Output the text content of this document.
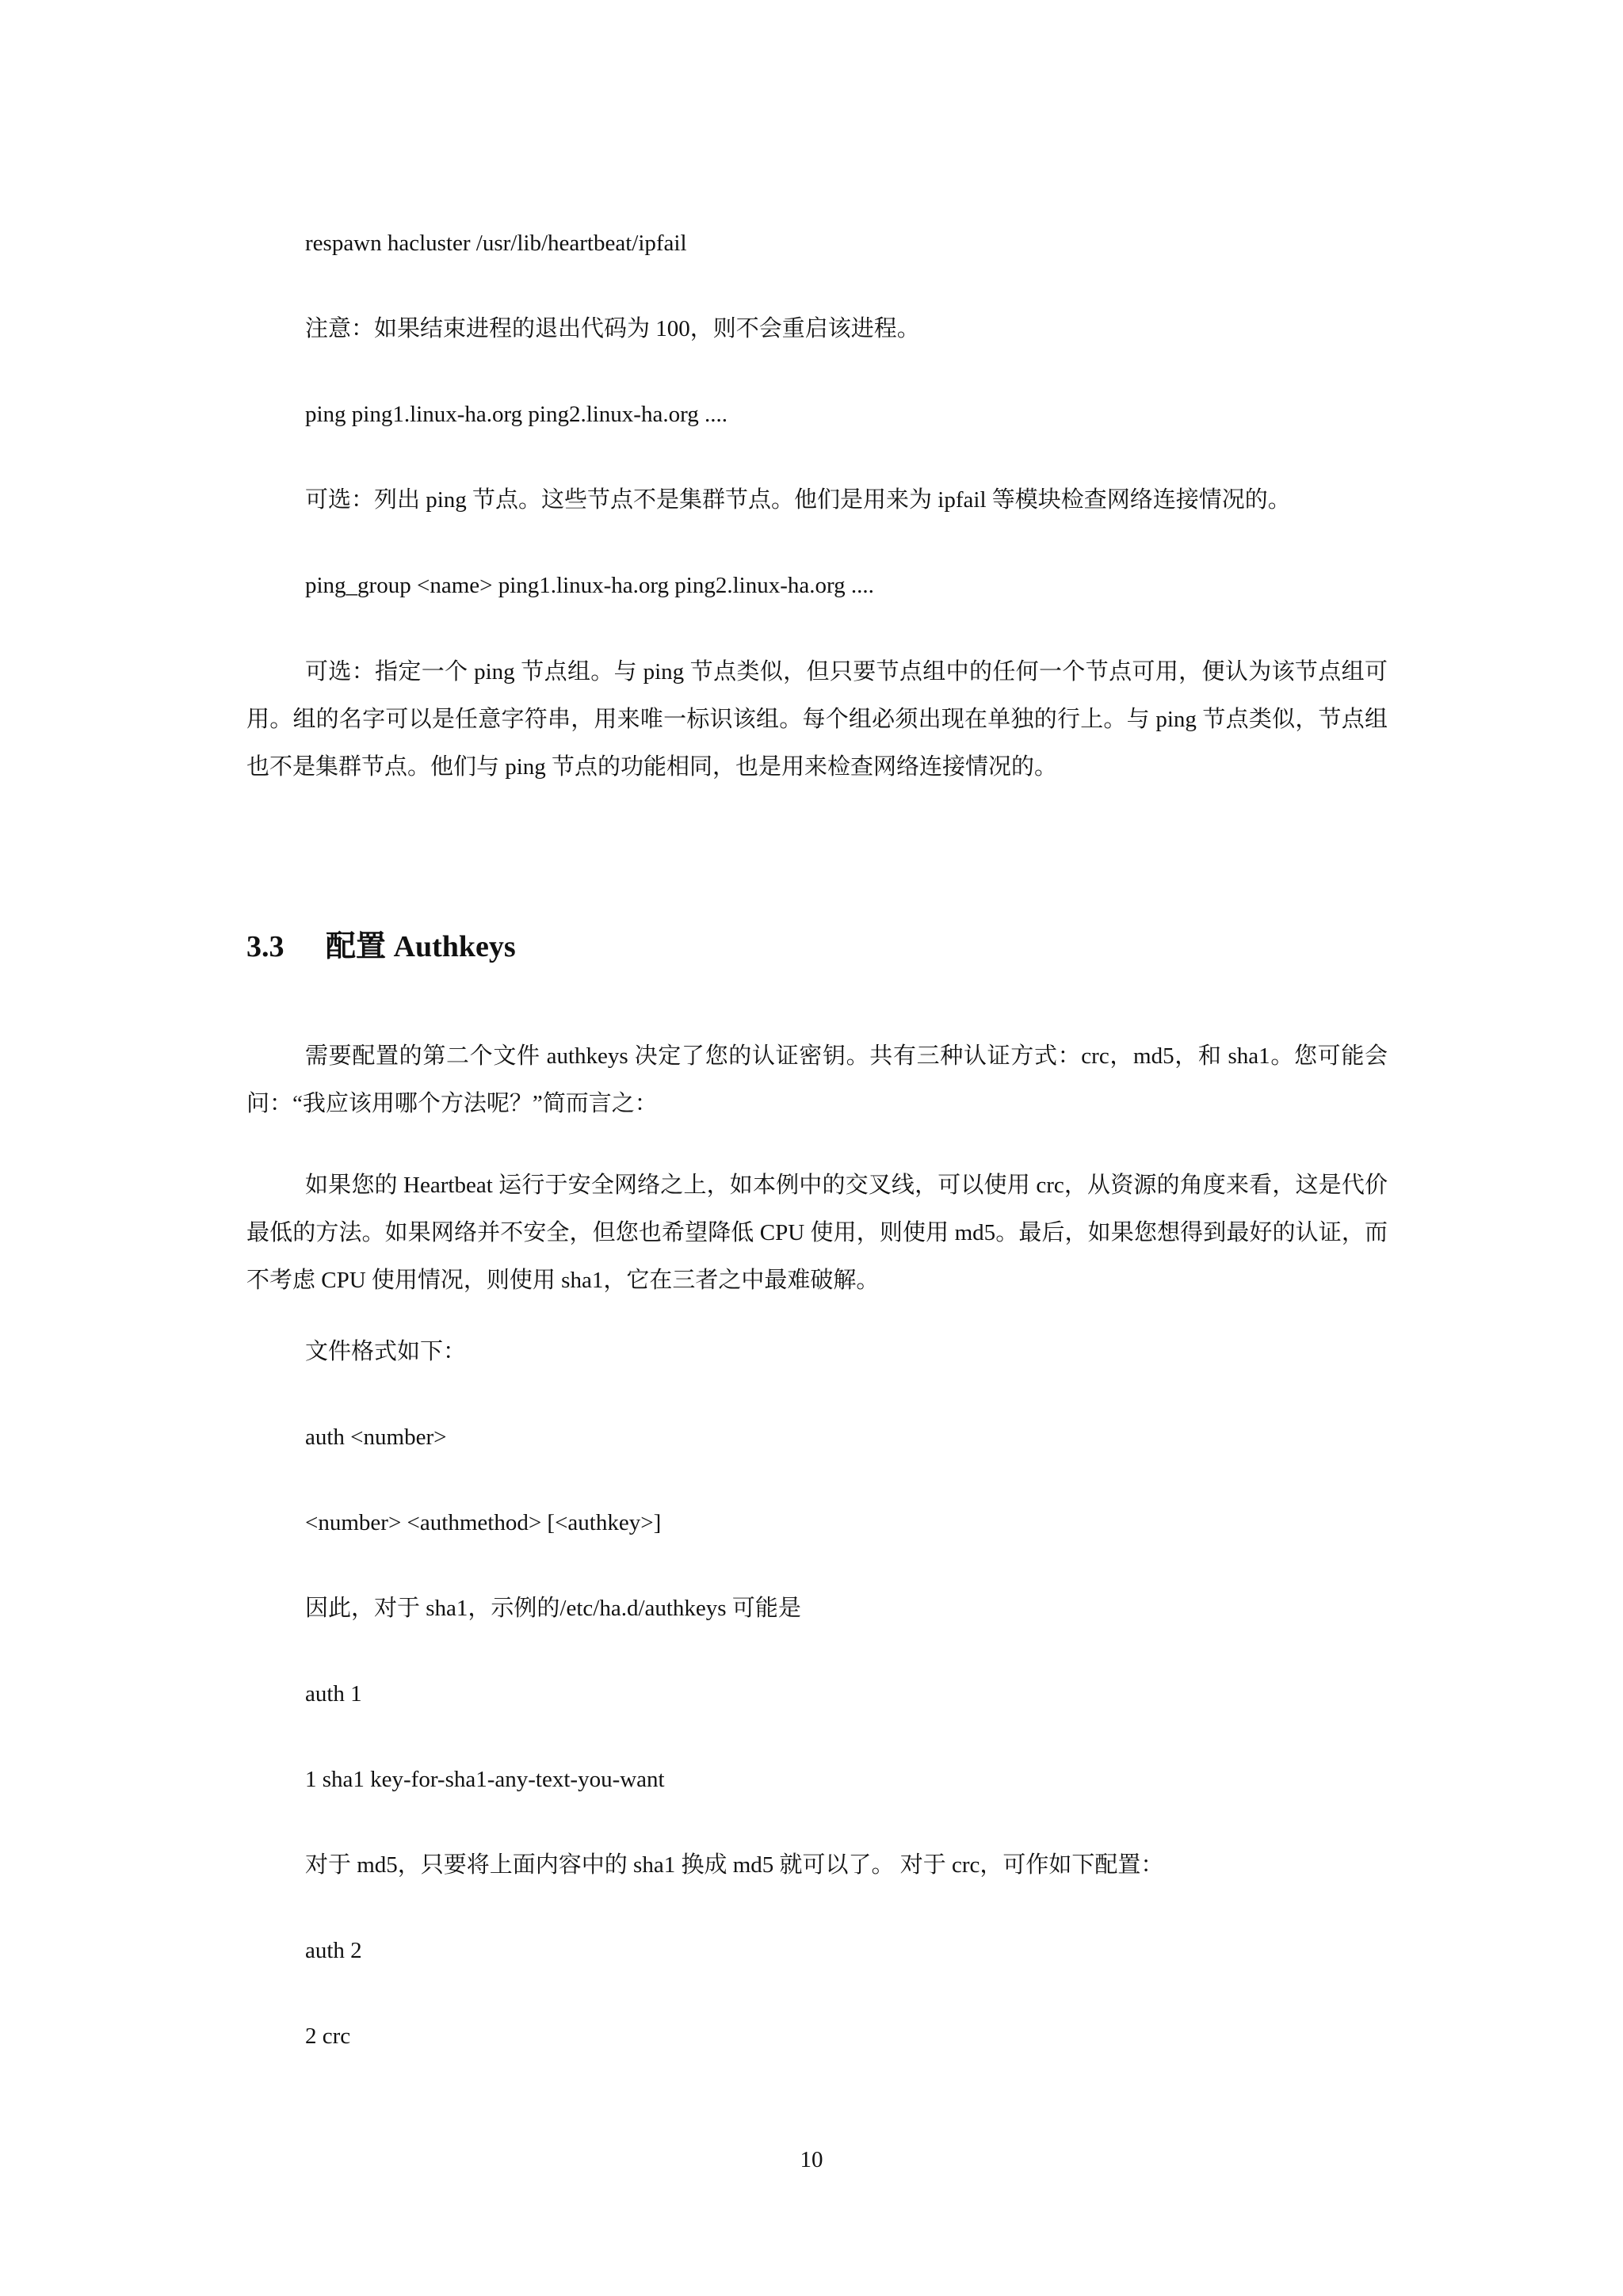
respawn hacluster /usr/lib/heartbeat/ipfail
注意：如果结束进程的退出代码为 100，则不会重启该进程。
ping ping1.linux-ha.org ping2.linux-ha.org ....
可选：列出 ping 节点。这些节点不是集群节点。他们是用来为 ipfail 等模块检查网络连接情况的。
ping_group <name> ping1.linux-ha.org ping2.linux-ha.org ....
可选：指定一个 ping 节点组。与 ping 节点类似，但只要节点组中的任何一个节点可用，便认为该节点组可用。组的名字可以是任意字符串，用来唯一标识该组。每个组必须出现在单独的行上。与 ping 节点类似，节点组也不是集群节点。他们与 ping 节点的功能相同，也是用来检查网络连接情况的。
3.3 配置 Authkeys
需要配置的第二个文件 authkeys 决定了您的认证密钥。共有三种认证方式：crc，md5，和 sha1。您可能会问：“我应该用哪个方法呢？”简而言之：
如果您的 Heartbeat 运行于安全网络之上，如本例中的交叉线，可以使用 crc，从资源的角度来看，这是代价最低的方法。如果网络并不安全，但您也希望降低 CPU 使用，则使用 md5。最后，如果您想得到最好的认证，而不考虑 CPU 使用情况，则使用 sha1，它在三者之中最难破解。
文件格式如下：
auth <number>
<number> <authmethod> [<authkey>]
因此，对于 sha1，示例的/etc/ha.d/authkeys 可能是
auth 1
1 sha1 key-for-sha1-any-text-you-want
对于 md5，只要将上面内容中的 sha1 换成 md5 就可以了。 对于 crc，可作如下配置：
auth 2
2 crc
10
